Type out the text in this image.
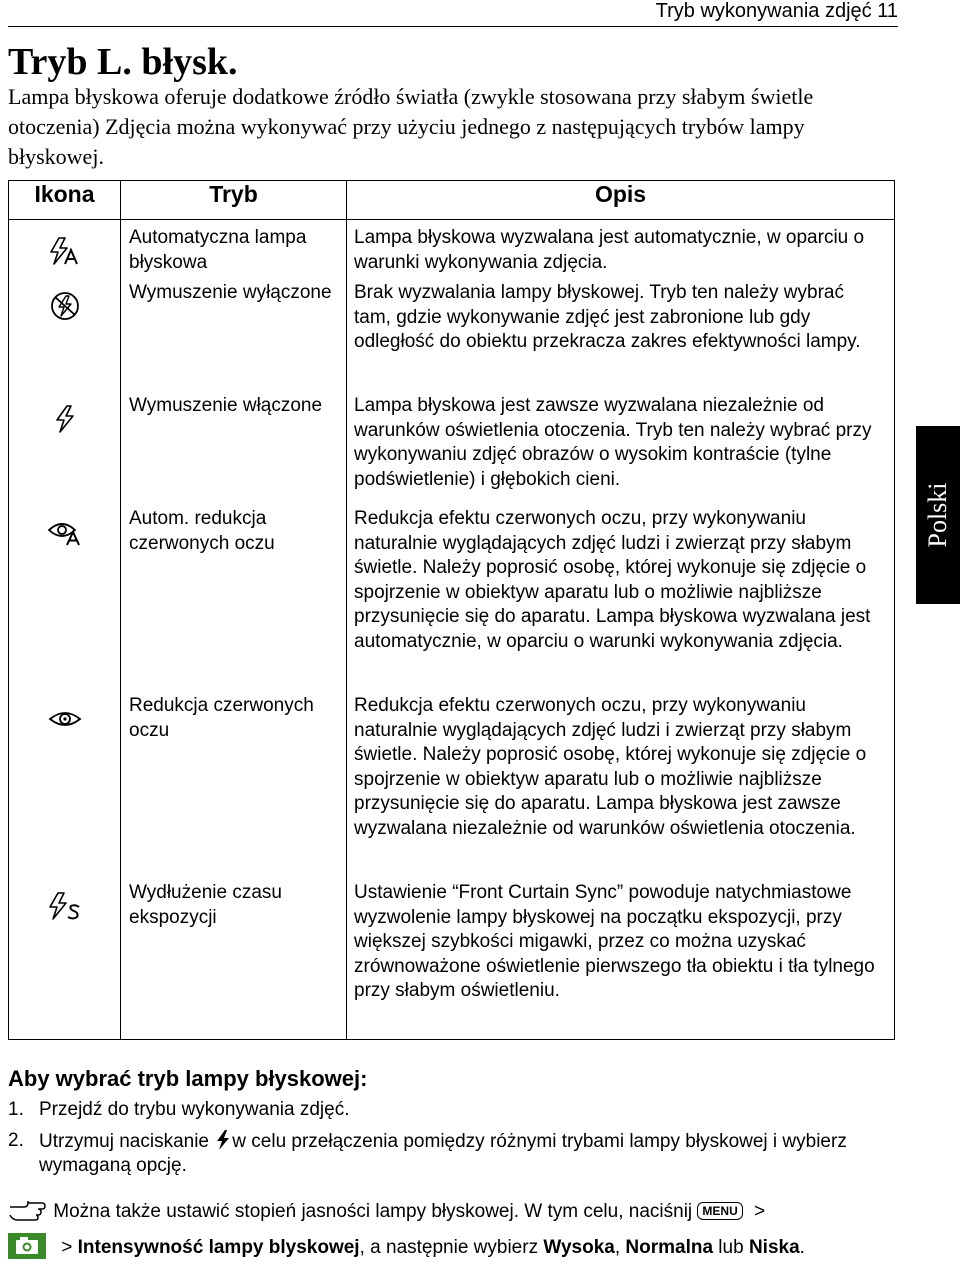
Tryb wykonywania zdjęć 11
Tryb L. błysk.
Lampa błyskowa oferuje dodatkowe źródło światła (zwykle stosowana przy słabym świetle otoczenia) Zdjęcia można wykonywać przy użyciu jednego z następujących trybów lampy błyskowej.
Ikona	Tryb	Opis
	Automatyczna lampa błyskowa	Lampa błyskowa wyzwalana jest automatycznie, w oparciu o warunki wykonywania zdjęcia.
	Wymuszenie wyłączone	Brak wyzwalania lampy błyskowej. Tryb ten należy wybrać tam, gdzie wykonywanie zdjęć jest zabronione lub gdy odległość do obiektu przekracza zakres efektywności lampy.
	Wymuszenie włączone	Lampa błyskowa jest zawsze wyzwalana niezależnie od warunków oświetlenia otoczenia. Tryb ten należy wybrać przy wykonywaniu zdjęć obrazów o wysokim kontraście (tylne podświetlenie) i głębokich cieni.
	Autom. redukcja czerwonych oczu	Redukcja efektu czerwonych oczu, przy wykonywaniu naturalnie wyglądających zdjęć ludzi i zwierząt przy słabym świetle. Należy poprosić osobę, której wykonuje się zdjęcie o spojrzenie w obiektyw aparatu lub o możliwie najbliższe przysunięcie się do aparatu. Lampa błyskowa wyzwalana jest automatycznie, w oparciu o warunki wykonywania zdjęcia.
	Redukcja czerwonych oczu	Redukcja efektu czerwonych oczu, przy wykonywaniu naturalnie wyglądających zdjęć ludzi i zwierząt przy słabym świetle. Należy poprosić osobę, której wykonuje się zdjęcie o spojrzenie w obiektyw aparatu lub o możliwie najbliższe przysunięcie się do aparatu. Lampa błyskowa jest zawsze wyzwalana niezależnie od warunków oświetlenia otoczenia.
	Wydłużenie czasu ekspozycji	Ustawienie “Front Curtain Sync” powoduje natychmiastowe wyzwolenie lampy błyskowej na początku ekspozycji, przy większej szybkości migawki, przez co można uzyskać zrównoważone oświetlenie pierwszego tła obiektu i tła tylnego przy słabym oświetleniu.
Aby wybrać tryb lampy błyskowej:
1. Przejdź do trybu wykonywania zdjęć.
2. Utrzymuj naciskanie w celu przełączenia pomiędzy różnymi trybami lampy błyskowej i wybierz wymaganą opcję.
Można także ustawić stopień jasności lampy błyskowej. W tym celu, naciśnij MENU >
> Intensywność lampy blyskowej, a następnie wybierz Wysoka, Normalna lub Niska.
Polski
